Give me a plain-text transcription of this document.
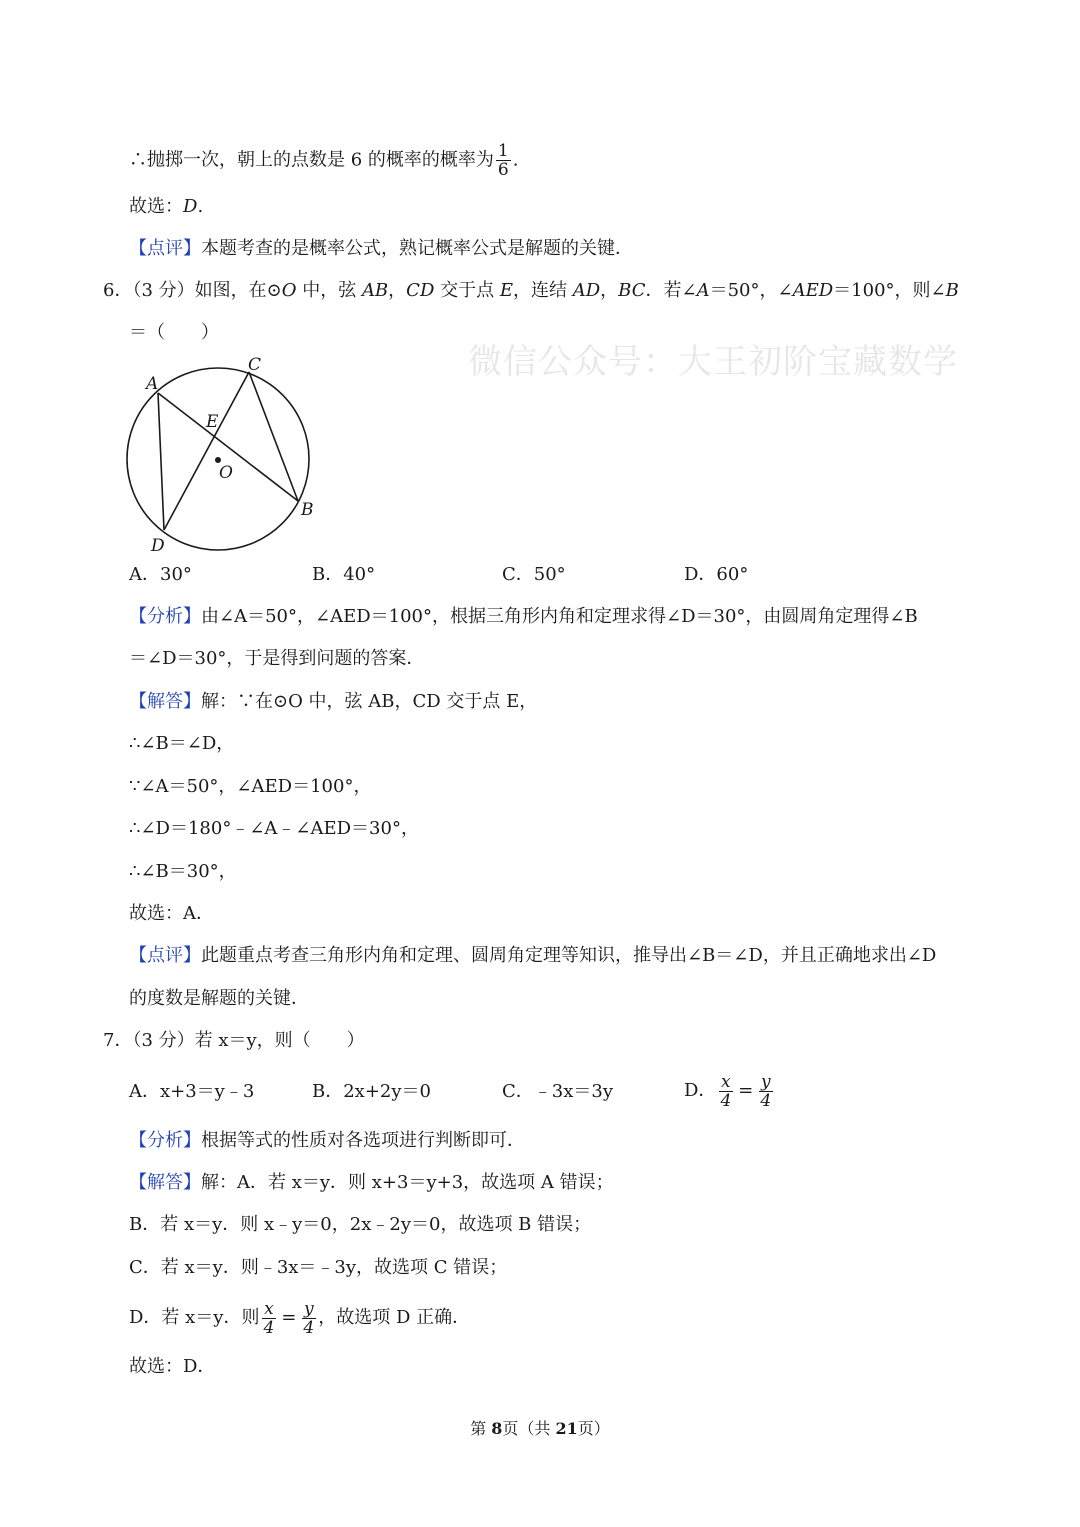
微信公众号：大王初阶宝藏数学
∴抛掷一次，朝上的点数是 6 的概率的概率为 $\frac{1}{6}$ .
故选：D.
【点评】本题考查的是概率公式，熟记概率公式是解题的关键．
6．（3 分）如图，在⊙O 中，弦 AB，CD 交于点 E，连结 AD，BC．若∠A＝50°，∠AED＝100°，则∠B
＝（　　）
A
C
E
O
B
D
A．30°	B．40°	C．50°	D．60°
【分析】由∠A＝50°，∠AED＝100°，根据三角形内角和定理求得∠D＝30°，由圆周角定理得∠B
＝∠D＝30°，于是得到问题的答案．
【解答】解：∵在⊙O 中，弦 AB，CD 交于点 E，
∴∠B＝∠D，
∵∠A＝50°，∠AED＝100°，
∴∠D＝180°﹣∠A﹣∠AED＝30°，
∴∠B＝30°，
故选：A．
【点评】此题重点考查三角形内角和定理、圆周角定理等知识，推导出∠B＝∠D，并且正确地求出∠D
的度数是解题的关键．
7．（3 分）若 x＝y，则（　　）
A．x+3＝y﹣3	B．2x+2y＝0	C．﹣3x＝3y	D． $\frac{x}{4} = \frac{y}{4}$
【分析】根据等式的性质对各选项进行判断即可．
【解答】解：A．若 x＝y．则 x+3＝y+3，故选项 A 错误；
B．若 x＝y．则 x﹣y＝0，2x﹣2y＝0，故选项 B 错误；
C．若 x＝y．则﹣3x＝﹣3y，故选项 C 错误；
D．若 x＝y．则 $\frac{x}{4} = \frac{y}{4}$ ，故选项 D 正确．
故选：D．
第 8页（共 21页）
